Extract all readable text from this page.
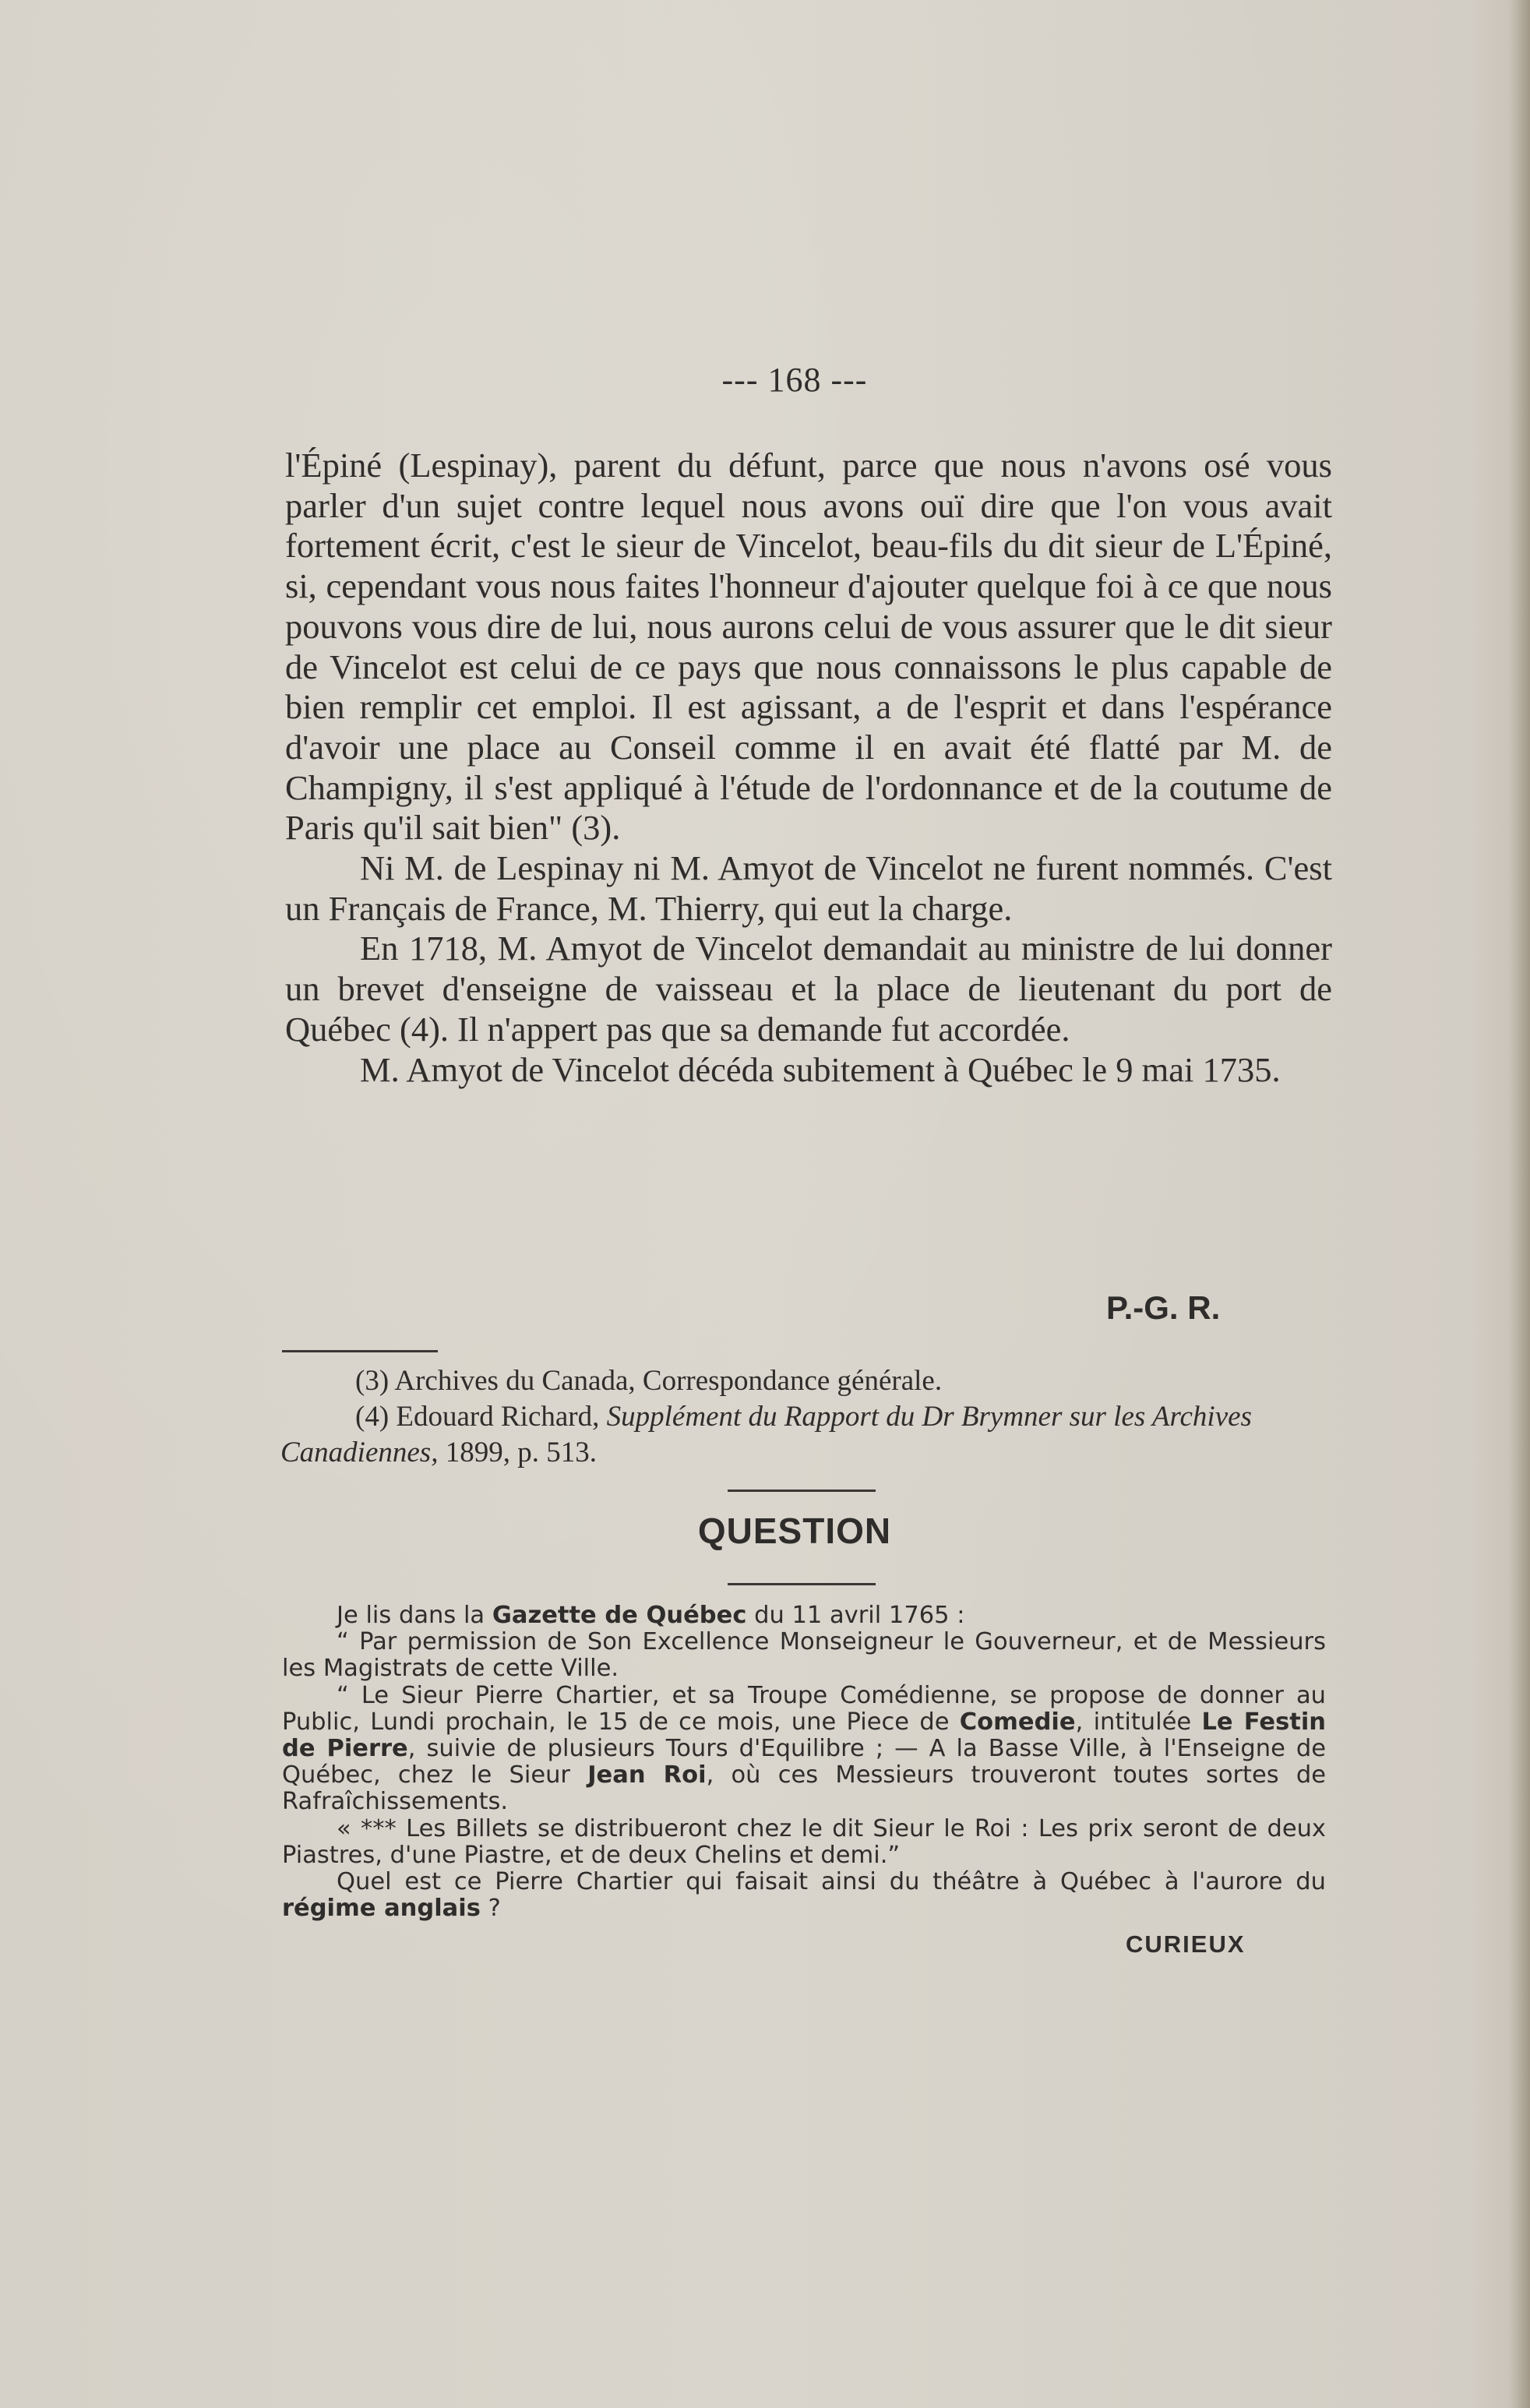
--- 168 ---

l'Épiné (Lespinay), parent du défunt, parce que nous n'avons osé vous parler d'un sujet contre lequel nous avons ouï dire que l'on vous avait fortement écrit, c'est le sieur de Vincelot, beau-fils du dit sieur de L'Épiné, si, cependant vous nous faites l'honneur d'ajouter quelque foi à ce que nous pouvons vous dire de lui, nous aurons celui de vous assurer que le dit sieur de Vincelot est celui de ce pays que nous connaissons le plus capable de bien remplir cet emploi. Il est agissant, a de l'esprit et dans l'espérance d'avoir une place au Conseil comme il en avait été flatté par M. de Champigny, il s'est appliqué à l'étude de l'ordonnance et de la coutume de Paris qu'il sait bien" (3).

Ni M. de Lespinay ni M. Amyot de Vincelot ne furent nommés. C'est un Français de France, M. Thierry, qui eut la charge.

En 1718, M. Amyot de Vincelot demandait au ministre de lui donner un brevet d'enseigne de vaisseau et la place de lieutenant du port de Québec (4). Il n'appert pas que sa demande fut accordée.

M. Amyot de Vincelot décéda subitement à Québec le 9 mai 1735.

P.-G. R.

(3) Archives du Canada, Correspondance générale.

(4) Edouard Richard, Supplément du Rapport du Dr Brymner sur les Archives Canadiennes, 1899, p. 513.

QUESTION

Je lis dans la Gazette de Québec du 11 avril 1765 :

“ Par permission de Son Excellence Monseigneur le Gouverneur, et de Messieurs les Magistrats de cette Ville.

“ Le Sieur Pierre Chartier, et sa Troupe Comédienne, se propose de donner au Public, Lundi prochain, le 15 de ce mois, une Piece de Comedie, intitulée Le Festin de Pierre, suivie de plusieurs Tours d'Equilibre ; — A la Basse Ville, à l'Enseigne de Québec, chez le Sieur Jean Roi, où ces Messieurs trouveront toutes sortes de Rafraîchissements.

« *** Les Billets se distribueront chez le dit Sieur le Roi : Les prix seront de deux Piastres, d'une Piastre, et de deux Chelins et demi.”

Quel est ce Pierre Chartier qui faisait ainsi du théâtre à Québec à l'aurore du régime anglais ?

CURIEUX
